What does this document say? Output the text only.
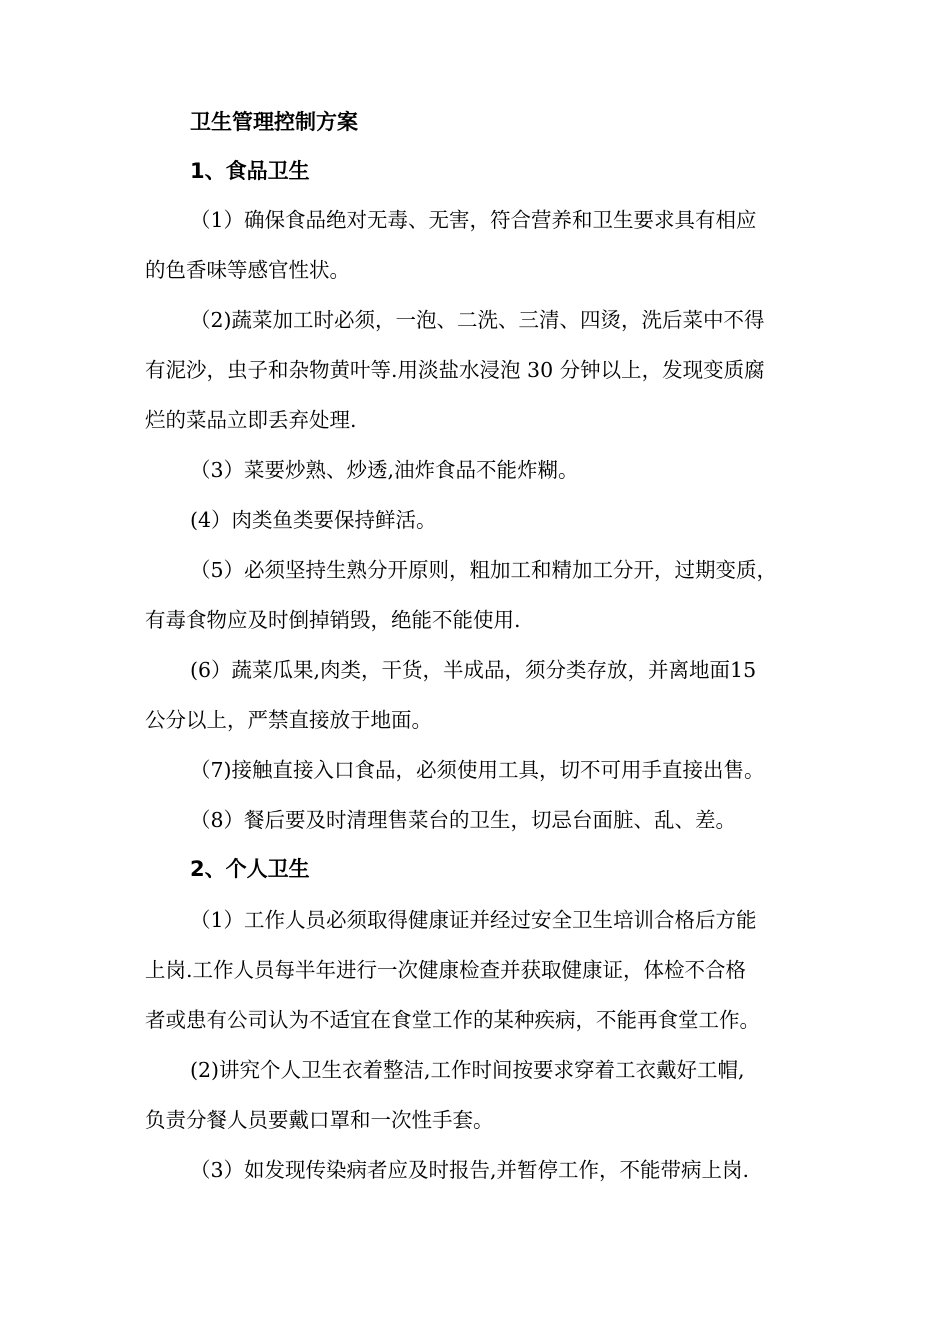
卫生管理控制方案
1、食品卫生
（1）确保食品绝对无毒、无害，符合营养和卫生要求具有相应
的色香味等感官性状。
（2)蔬菜加工时必须，一泡、二洗、三清、四烫，洗后菜中不得
有泥沙，虫子和杂物黄叶等.用淡盐水浸泡 30 分钟以上，发现变质腐
烂的菜品立即丢弃处理.
（3）菜要炒熟、炒透,油炸食品不能炸糊。
(4）肉类鱼类要保持鲜活。
（5）必须坚持生熟分开原则，粗加工和精加工分开，过期变质，
有毒食物应及时倒掉销毁，绝能不能使用.
(6）蔬菜瓜果,肉类，干货，半成品，须分类存放，并离地面15
公分以上，严禁直接放于地面。
（7)接触直接入口食品，必须使用工具，切不可用手直接出售。
（8）餐后要及时清理售菜台的卫生，切忌台面脏、乱、差。
2、个人卫生
（1）工作人员必须取得健康证并经过安全卫生培训合格后方能
上岗.工作人员每半年进行一次健康检查并获取健康证，体检不合格
者或患有公司认为不适宜在食堂工作的某种疾病，不能再食堂工作。
(2)讲究个人卫生衣着整洁,工作时间按要求穿着工衣戴好工帽,
负责分餐人员要戴口罩和一次性手套。
（3）如发现传染病者应及时报告,并暂停工作，不能带病上岗.
